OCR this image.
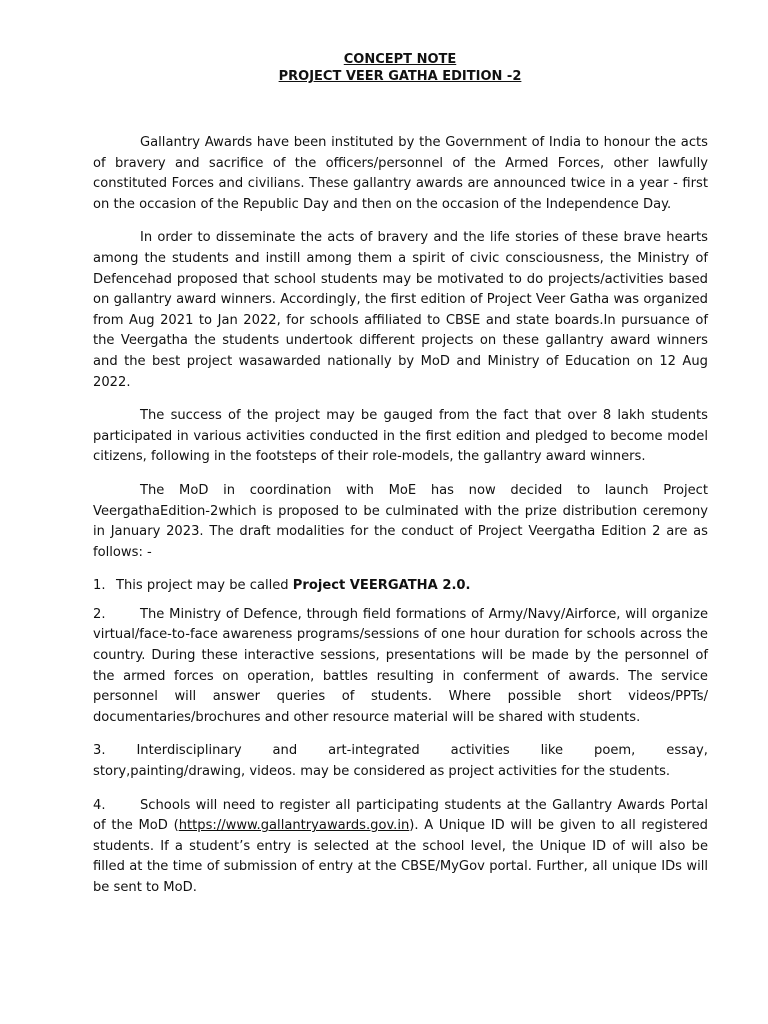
CONCEPT NOTE
PROJECT VEER GATHA EDITION -2

Gallantry Awards have been instituted by the Government of India to honour the acts of bravery and sacrifice of the officers/personnel of the Armed Forces, other lawfully constituted Forces and civilians. These gallantry awards are announced twice in a year - first on the occasion of the Republic Day and then on the occasion of the Independence Day.

In order to disseminate the acts of bravery and the life stories of these brave hearts among the students and instill among them a spirit of civic consciousness, the Ministry of Defencehad proposed that school students may be motivated to do projects/activities based on gallantry award winners. Accordingly, the first edition of Project Veer Gatha was organized from Aug 2021 to Jan 2022, for schools affiliated to CBSE and state boards.In pursuance of the Veergatha the students undertook different projects on these gallantry award winners and the best project wasawarded nationally by MoD and Ministry of Education on 12 Aug 2022.

The success of the project may be gauged from the fact that over 8 lakh students participated in various activities conducted in the first edition and pledged to become model citizens, following in the footsteps of their role-models, the gallantry award winners.

The MoD in coordination with MoE has now decided to launch Project VeergathaEdition-2which is proposed to be culminated with the prize distribution ceremony in January 2023. The draft modalities for the conduct of Project Veergatha Edition 2 are as follows: -

1. This project may be called Project VEERGATHA 2.0.
2.	The Ministry of Defence, through field formations of Army/Navy/Airforce, will organize virtual/face-to-face awareness programs/sessions of one hour duration for schools across the country. During these interactive sessions, presentations will be made by the personnel of the armed forces on operation, battles resulting in conferment of awards. The service personnel will answer queries of students. Where possible short videos/PPTs/ documentaries/brochures and other resource material will be shared with students.
3. Interdisciplinary and art-integrated activities like poem, essay,
story,painting/drawing, videos. may be considered as project activities for the students.
4.	Schools will need to register all participating students at the Gallantry Awards Portal of the MoD (https://www.gallantryawards.gov.in). A Unique ID will be given to all registered students. If a student’s entry is selected at the school level, the Unique ID of will also be filled at the time of submission of entry at the CBSE/MyGov portal. Further, all unique IDs will be sent to MoD.
